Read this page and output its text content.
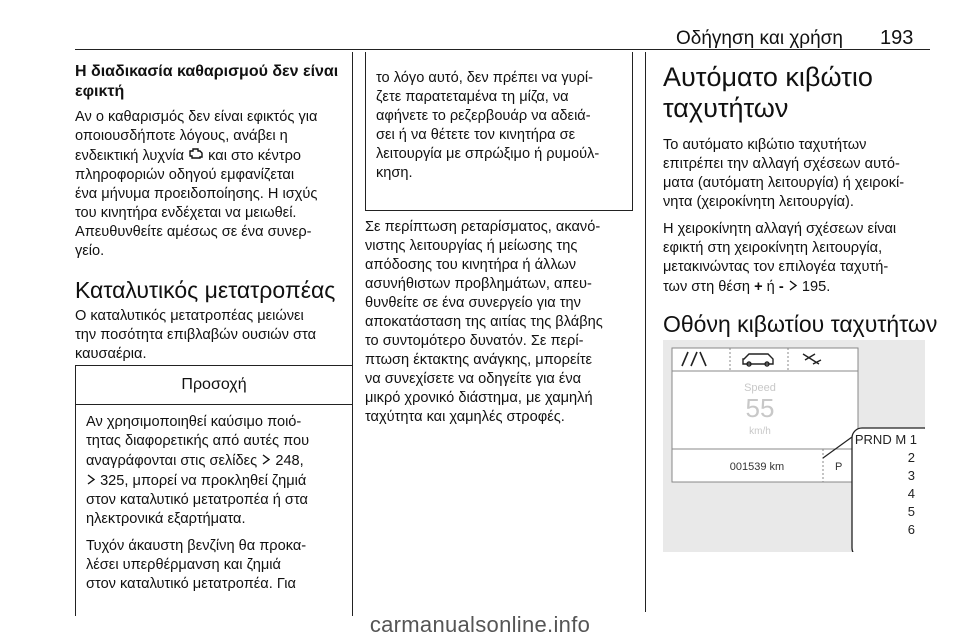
Οδήγηση και χρήση 193

Η διαδικασία καθαρισμού δεν είναι εφικτή

Αν ο καθαρισμός δεν είναι εφικτός για
οποιουσδήποτε λόγους, ανάβει η
ενδεικτική λυχνία και στο κέντρο
πληροφοριών οδηγού εμφανίζεται
ένα μήνυμα προειδοποίησης. Η ισχύς
του κινητήρα ενδέχεται να μειωθεί.
Απευθυνθείτε αμέσως σε ένα συνερ-
γείο.

Καταλυτικός μετατροπέας

Ο καταλυτικός μετατροπέας μειώνει
την ποσότητα επιβλαβών ουσιών στα
καυσαέρια.

Προσοχή

Αν χρησιμοποιηθεί καύσιμο ποιό-
τητας διαφορετικής από αυτές που
αναγράφονται στις σελίδες 248,
325, μπορεί να προκληθεί ζημιά
στον καταλυτικό μετατροπέα ή στα
ηλεκτρονικά εξαρτήματα.

Τυχόν άκαυστη βενζίνη θα προκα-
λέσει υπερθέρμανση και ζημιά
στον καταλυτικό μετατροπέα. Για

το λόγο αυτό, δεν πρέπει να γυρί-
ζετε παρατεταμένα τη μίζα, να
αφήνετε το ρεζερβουάρ να αδειά-
σει ή να θέτετε τον κινητήρα σε
λειτουργία με σπρώξιμο ή ρυμούλ-
κηση.

Σε περίπτωση ρεταρίσματος, ακανό-
νιστης λειτουργίας ή μείωσης της
απόδοσης του κινητήρα ή άλλων
ασυνήθιστων προβλημάτων, απευ-
θυνθείτε σε ένα συνεργείο για την
αποκατάσταση της αιτίας της βλάβης
το συντομότερο δυνατόν. Σε περί-
πτωση έκτακτης ανάγκης, μπορείτε
να συνεχίσετε να οδηγείτε για ένα
μικρό χρονικό διάστημα, με χαμηλή
ταχύτητα και χαμηλές στροφές.

Αυτόματο κιβώτιο
ταχυτήτων

Το αυτόματο κιβώτιο ταχυτήτων
επιτρέπει την αλλαγή σχέσεων αυτό-
ματα (αυτόματη λειτουργία) ή χειροκί-
νητα (χειροκίνητη λειτουργία).

Η χειροκίνητη αλλαγή σχέσεων είναι
εφικτή στη χειροκίνητη λειτουργία,
μετακινώντας τον επιλογέα ταχυτή-
των στη θέση + ή - 195.

Οθόνη κιβωτίου ταχυτήτων

Speed
55
km/h
001539 km	P
PRND M 1
2
3
4
5
6
carmanualsonline.info
